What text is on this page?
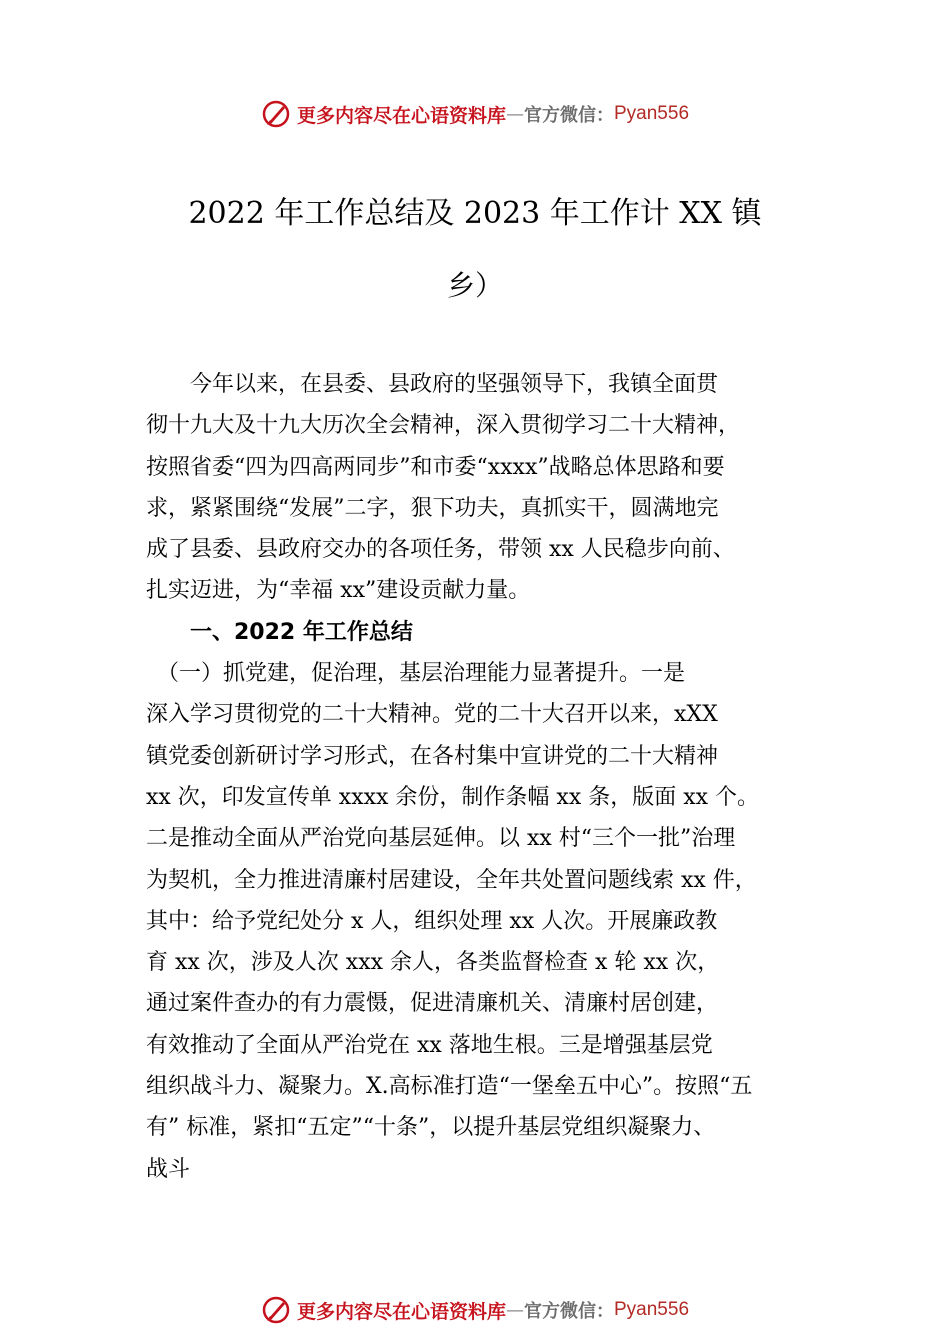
更多内容尽在心语资料库 — 官方微信： Pyan556
2022 年工作总结及 2023 年工作计 XX 镇
乡）
　　今年以来，在县委、县政府的坚强领导下，我镇全面贯
彻十九大及十九大历次全会精神，深入贯彻学习二十大精神，
按照省委“四为四高两同步”和市委“xxxx”战略总体思路和要
求，紧紧围绕“发展”二字，狠下功夫，真抓实干，圆满地完
成了县委、县政府交办的各项任务，带领 xx 人民稳步向前、
扎实迈进，为“幸福 xx”建设贡献力量。
　　一、2022 年工作总结
　（一）抓党建，促治理，基层治理能力显著提升。一是
深入学习贯彻党的二十大精神。党的二十大召开以来，xXX
镇党委创新研讨学习形式，在各村集中宣讲党的二十大精神
xx 次，印发宣传单 xxxx 余份，制作条幅 xx 条，版面 xx 个。
二是推动全面从严治党向基层延伸。以 xx 村“三个一批”治理
为契机，全力推进清廉村居建设，全年共处置问题线索 xx 件，
其中：给予党纪处分 x 人，组织处理 xx 人次。开展廉政教
育 xx 次，涉及人次 xxx 余人，各类监督检查 x 轮 xx 次，
通过案件查办的有力震慑，促进清廉机关、清廉村居创建，
有效推动了全面从严治党在 xx 落地生根。三是增强基层党
组织战斗力、凝聚力。X.高标准打造“一堡垒五中心”。按照“五
有” 标准，紧扣“五定”“十条”，以提升基层党组织凝聚力、
战斗
更多内容尽在心语资料库 — 官方微信： Pyan556
